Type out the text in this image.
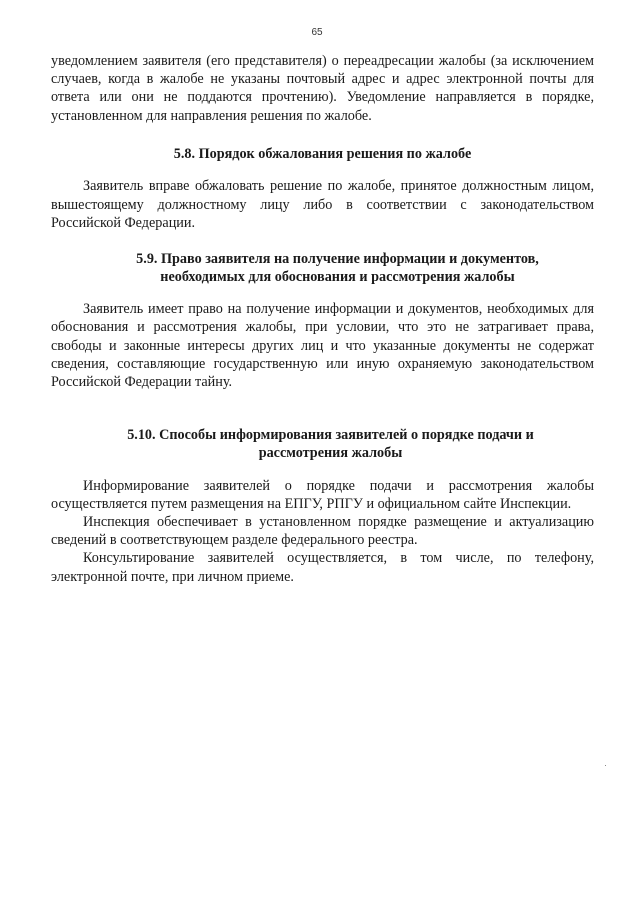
65

уведомлением заявителя (его представителя) о переадресации жалобы (за исключением случаев, когда в жалобе не указаны почтовый адрес и адрес электронной почты для ответа или они не поддаются прочтению). Уведомление направляется в порядке, установленном для направления решения по жалобе.

5.8. Порядок обжалования решения по жалобе

Заявитель вправе обжаловать решение по жалобе, принятое должностным лицом, вышестоящему должностному лицу либо в соответствии с законодательством Российской Федерации.

5.9. Право заявителя на получение информации и документов,
необходимых для обоснования и рассмотрения жалобы

Заявитель имеет право на получение информации и документов, необходимых для обоснования и рассмотрения жалобы, при условии, что это не затрагивает права, свободы и законные интересы других лиц и что указанные документы не содержат сведения, составляющие государственную или иную охраняемую законодательством Российской Федерации тайну.

5.10. Способы информирования заявителей о порядке подачи и
рассмотрения жалобы

Информирование заявителей о порядке подачи и рассмотрения жалобы осуществляется путем размещения на ЕПГУ, РПГУ и официальном сайте Инспекции.

Инспекция обеспечивает в установленном порядке размещение и актуализацию сведений в соответствующем разделе федерального реестра.

Консультирование заявителей осуществляется, в том числе, по телефону, электронной почте, при личном приеме.
